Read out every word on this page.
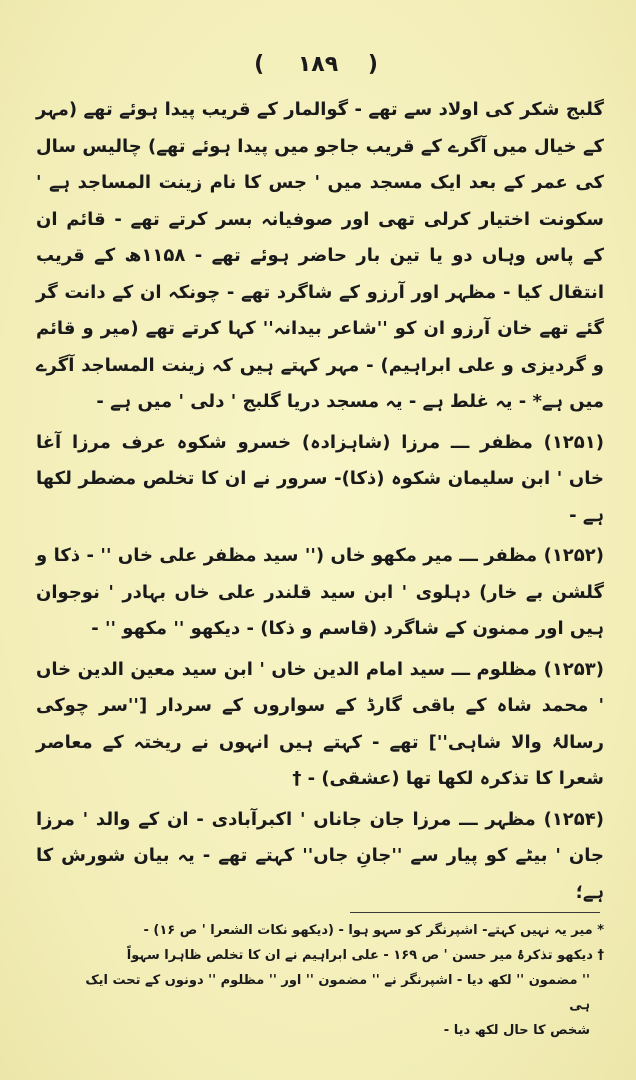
( ١٨٩ )

گلبج شکر کی اولاد سے تھے - گوالمار کے قریب پیدا ہوئے تھے (مہر کے خیال میں آگرے کے قریب جاجو میں پیدا ہوئے تھے) چالیس سال کی عمر کے بعد ایک مسجد میں ' جس کا نام زینت المساجد ہے ' سکونت اختیار کرلی تھی اور صوفیانہ بسر کرتے تھے - قائم ان کے پاس وہاں دو یا تین بار حاضر ہوئے تھے - ۱۱۵۸ھ کے قریب انتقال کیا - مظہر اور آرزو کے شاگرد تھے - چونکہ ان کے دانت گر گئے تھے خان آرزو ان کو ''شاعر بیدانہ'' کہا کرتے تھے (میر و قائم و گردیزی و علی ابراہیم) - مہر کہتے ہیں کہ زینت المساجد آگرے میں ہے* - یہ غلط ہے - یہ مسجد دریا گلبج ' دلی ' میں ہے -

(۱۲۵۱) مظفر ـــ مرزا (شاہزادہ) خسرو شکوہ عرف مرزا آغا خاں ' ابن سلیمان شکوہ (ذکا)- سرور نے ان کا تخلص مضطر لکھا ہے -

(۱۲۵۲) مظفر ـــ میر مکھو خاں ('' سید مظفر علی خاں '' - ذکا و گلشن بے خار) دہلوی ' ابن سید قلندر علی خاں بہادر ' نوجوان ہیں اور ممنون کے شاگرد (قاسم و ذکا) - دیکھو '' مکھو '' -

(۱۲۵۳) مظلوم ـــ سید امام الدین خاں ' ابن سید معین الدین خاں ' محمد شاہ کے باقی گارڈ کے سواروں کے سردار [''سر چوکی رسالۂ والا شاہی''] تھے - کہتے ہیں انہوں نے ریختہ کے معاصر شعرا کا تذکرہ لکھا تھا (عشقی) - †

(۱۲۵۴) مظہر ـــ مرزا جان جاناں ' اکبرآبادی - ان کے والد ' مرزا جان ' بیٹے کو پیار سے ''جانِ جاں'' کہتے تھے - یہ بیان شورش کا ہے؛

* میر یہ نہیں کہتے- اشپرنگر کو سہو ہوا - (دیکھو نکات الشعرا ' ص ۱۶) -

† دیکھو تذکرۂ میر حسن ' ص ۱۶۹ - علی ابراہیم نے ان کا تخلص ظاہرا سہواً

'' مضمون '' لکھ دیا - اشپرنگر نے '' مضمون '' اور '' مظلوم '' دونوں کے تحت ایک ہی

شخص کا حال لکھ دیا -
